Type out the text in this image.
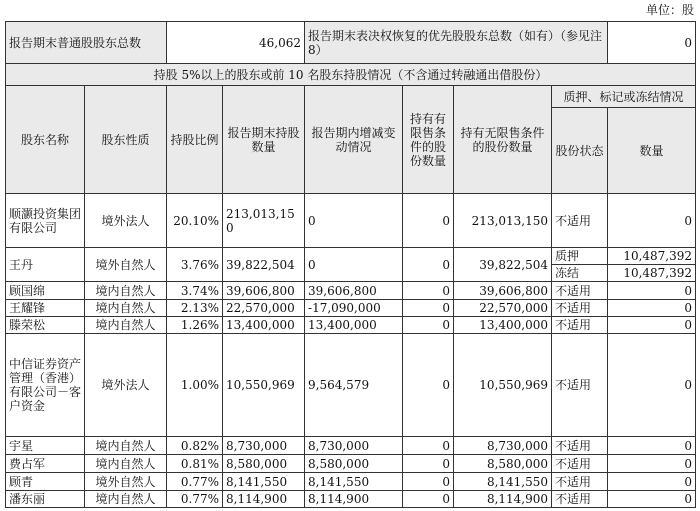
单位：股
报告期末普通股股东总数		46,062		报告期末表决权恢复的优先股股东总数（如有）（参见注 8）				0
持股 5%以上的股东或前 10 名股东持股情况（不含通过转融通出借股份）								
股东名称	股东性质	持股比例	报告期末持股数量	报告期内增减变动情况	持有有限售条件的股份数量	持有无限售条件的股份数量	质押、标记或冻结情况	
							股份状态	数量
顺灏投资集团有限公司	境外法人	20.10%	213,013,150	0	0	213,013,150	不适用	0
王丹	境外自然人	3.76%	39,822,504	0	0	39,822,504	质押	10,487,392
							冻结	10,487,392
顾国绵	境内自然人	3.74%	39,606,800	39,606,800	0	39,606,800	不适用	0
王耀锋	境内自然人	2.13%	22,570,000	-17,090,000	0	22,570,000	不适用	0
滕荣松	境内自然人	1.26%	13,400,000	13,400,000	0	13,400,000	不适用	0
中信证券资产管理（香港）有限公司－客户资金	境外法人	1.00%	10,550,969	9,564,579	0	10,550,969	不适用	0
宇星	境内自然人	0.82%	8,730,000	8,730,000	0	8,730,000	不适用	0
费占军	境内自然人	0.81%	8,580,000	8,580,000	0	8,580,000	不适用	0
顾青	境外自然人	0.77%	8,141,550	8,141,550	0	8,141,550	不适用	0
潘东丽	境内自然人	0.77%	8,114,900	8,114,900	0	8,114,900	不适用	0
